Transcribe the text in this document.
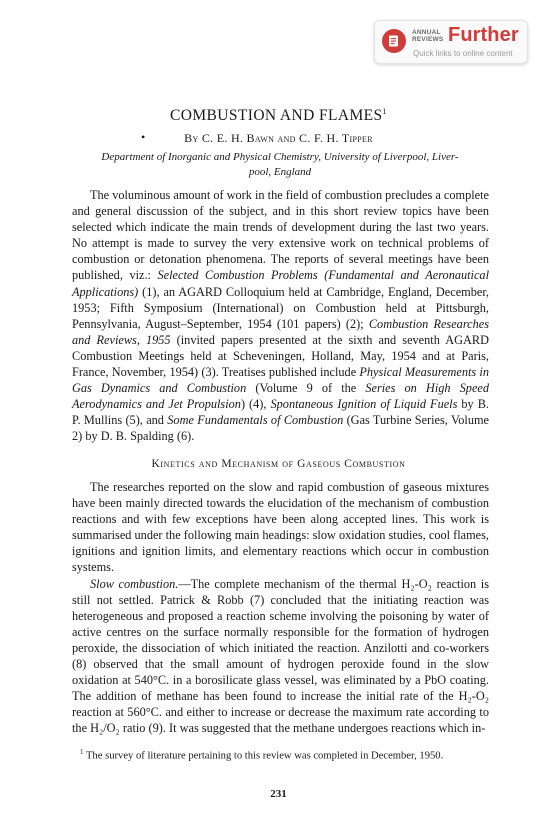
ANNUAL
REVIEWS Further
Quick links to online content
COMBUSTION AND FLAMES$^1$
•	By C. E. H. Bawn and C. F. H. Tipper
Department of Inorganic and Physical Chemistry, University of Liverpool, Liver-
pool, England

The voluminous amount of work in the field of combustion precludes a complete and general discussion of the subject, and in this short review topics have been selected which indicate the main trends of development during the last two years. No attempt is made to survey the very extensive work on technical problems of combustion or detonation phenomena. The reports of several meetings have been published, viz.: Selected Combustion Problems (Fundamental and Aeronautical Applications) (1), an AGARD Colloquium held at Cambridge, England, December, 1953; Fifth Symposium (International) on Combustion held at Pittsburgh, Pennsylvania, August–September, 1954 (101 papers) (2); Combustion Researches and Reviews, 1955 (invited papers presented at the sixth and seventh AGARD Combustion Meetings held at Scheveningen, Holland, May, 1954 and at Paris, France, November, 1954) (3). Treatises published include Physical Measurements in Gas Dynamics and Combustion (Volume 9 of the Series on High Speed Aerodynamics and Jet Propulsion) (4), Spontaneous Ignition of Liquid Fuels by B. P. Mullins (5), and Some Fundamentals of Combustion (Gas Turbine Series, Volume 2) by D. B. Spalding (6).

Kinetics and Mechanism of Gaseous Combustion

The researches reported on the slow and rapid combustion of gaseous mixtures have been mainly directed towards the elucidation of the mechanism of combustion reactions and with few exceptions have been along accepted lines. This work is summarised under the following main headings: slow oxidation studies, cool flames, ignitions and ignition limits, and elementary reactions which occur in combustion systems.

Slow combustion.—The complete mechanism of the thermal H₂-O₂ reaction is still not settled. Patrick & Robb (7) concluded that the initiating reaction was heterogeneous and proposed a reaction scheme involving the poisoning by water of active centres on the surface normally responsible for the formation of hydrogen peroxide, the dissociation of which initiated the reaction. Anzilotti and co-workers (8) observed that the small amount of hydrogen peroxide found in the slow oxidation at 540°C. in a borosilicate glass vessel, was eliminated by a PbO coating. The addition of methane has been found to increase the initial rate of the H₂-O₂ reaction at 560°C. and either to increase or decrease the maximum rate according to the H₂/O₂ ratio (9). It was suggested that the methane undergoes reactions which in-

$^1$ The survey of literature pertaining to this review was completed in December, 1950.

231
